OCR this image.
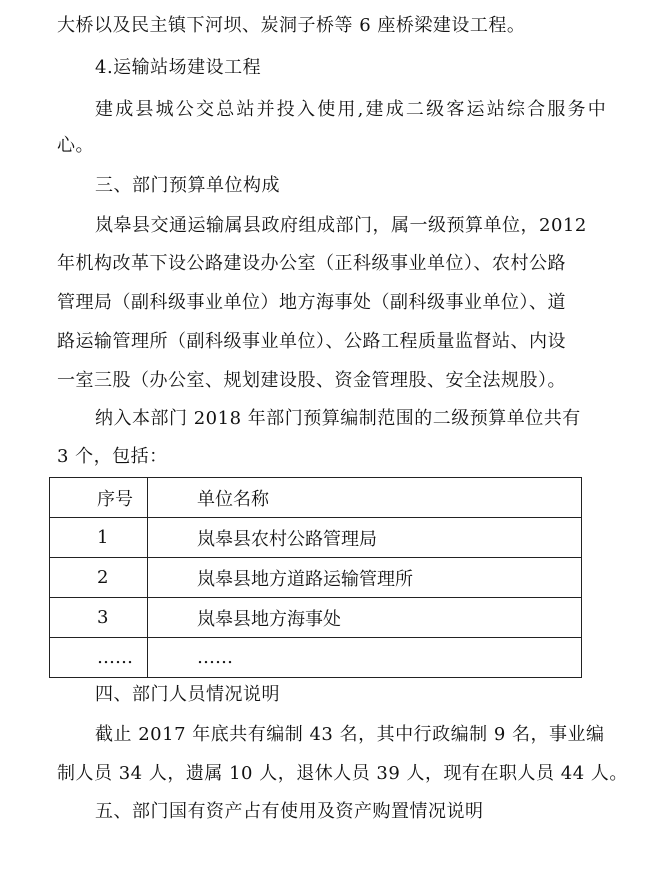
大桥以及民主镇下河坝、炭洞子桥等 6 座桥梁建设工程。
4.运输站场建设工程
建成县城公交总站并投入使用,建成二级客运站综合服务中
心。
三、部门预算单位构成
岚皋县交通运输属县政府组成部门，属一级预算单位，2012
年机构改革下设公路建设办公室（正科级事业单位）、农村公路
管理局（副科级事业单位）地方海事处（副科级事业单位）、道
路运输管理所（副科级事业单位）、公路工程质量监督站、内设
一室三股（办公室、规划建设股、资金管理股、安全法规股）。
纳入本部门 2018 年部门预算编制范围的二级预算单位共有
3 个，包括：
序号	单位名称
1	岚皋县农村公路管理局
2	岚皋县地方道路运输管理所
3	岚皋县地方海事处
……	……
四、部门人员情况说明
截止 2017 年底共有编制 43 名，其中行政编制 9 名，事业编
制人员 34 人，遗属 10 人，退休人员 39 人，现有在职人员 44 人。
五、部门国有资产占有使用及资产购置情况说明
